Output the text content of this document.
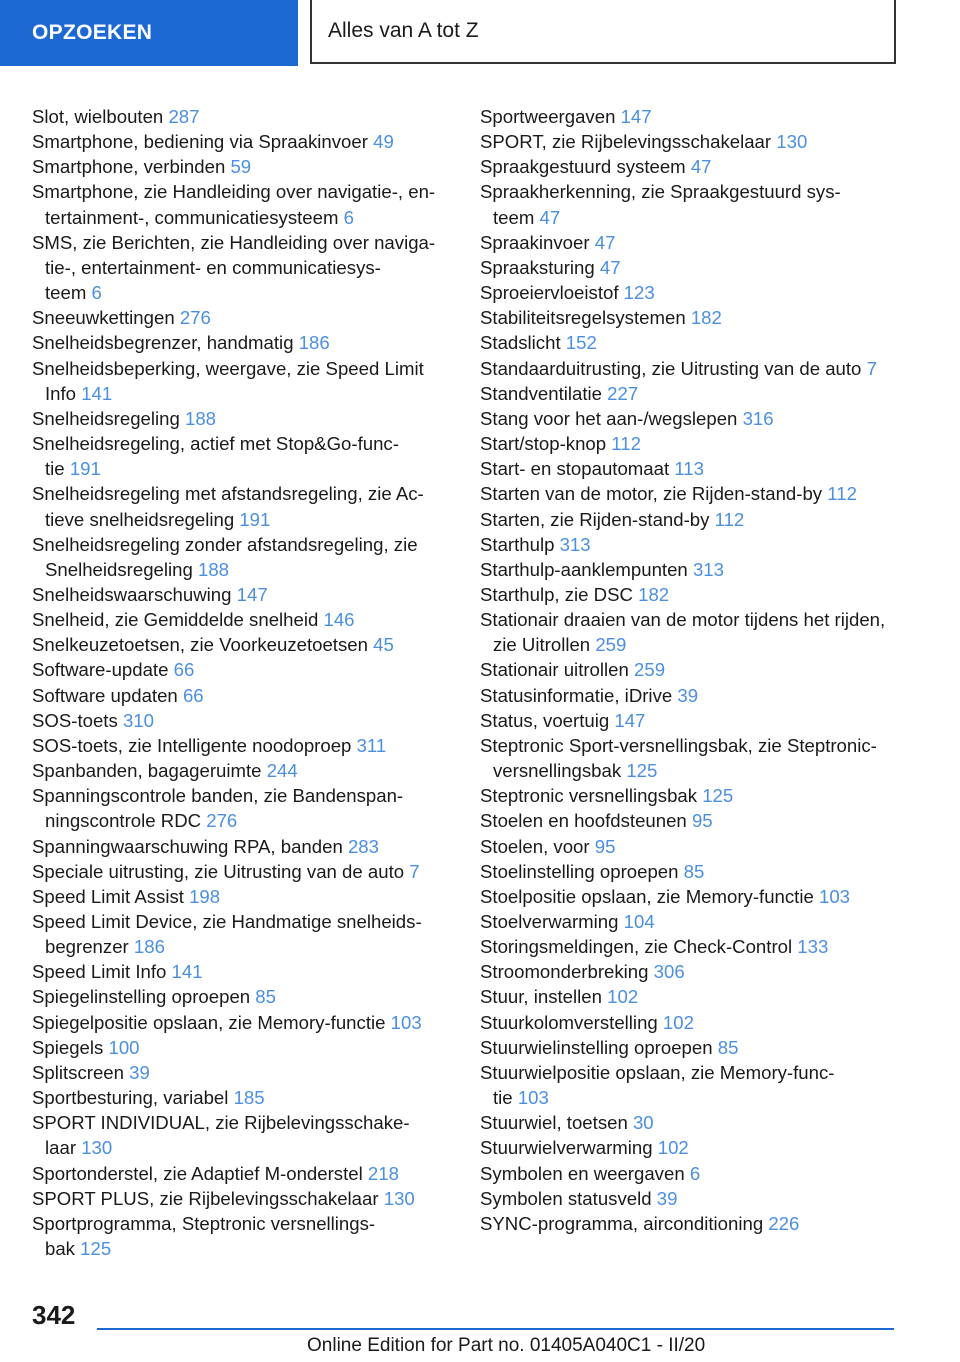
OPZOEKEN	Alles van A tot Z
Slot, wielbouten 287
Smartphone, bediening via Spraakinvoer 49
Smartphone, verbinden 59
Smartphone, zie Handleiding over navigatie-, en-
tertainment-, communicatiesysteem 6
SMS, zie Berichten, zie Handleiding over naviga-
tie-, entertainment- en communicatiesys-
teem 6
Sneeuwkettingen 276
Snelheidsbegrenzer, handmatig 186
Snelheidsbeperking, weergave, zie Speed Limit
Info 141
Snelheidsregeling 188
Snelheidsregeling, actief met Stop&Go-func-
tie 191
Snelheidsregeling met afstandsregeling, zie Ac-
tieve snelheidsregeling 191
Snelheidsregeling zonder afstandsregeling, zie
Snelheidsregeling 188
Snelheidswaarschuwing 147
Snelheid, zie Gemiddelde snelheid 146
Snelkeuzetoetsen, zie Voorkeuzetoetsen 45
Software-update 66
Software updaten 66
SOS-toets 310
SOS-toets, zie Intelligente noodoproep 311
Spanbanden, bagageruimte 244
Spanningscontrole banden, zie Bandenspan-
ningscontrole RDC 276
Spanningwaarschuwing RPA, banden 283
Speciale uitrusting, zie Uitrusting van de auto 7
Speed Limit Assist 198
Speed Limit Device, zie Handmatige snelheids-
begrenzer 186
Speed Limit Info 141
Spiegelinstelling oproepen 85
Spiegelpositie opslaan, zie Memory-functie 103
Spiegels 100
Splitscreen 39
Sportbesturing, variabel 185
SPORT INDIVIDUAL, zie Rijbelevingsschake-
laar 130
Sportonderstel, zie Adaptief M-onderstel 218
SPORT PLUS, zie Rijbelevingsschakelaar 130
Sportprogramma, Steptronic versnellings-
bak 125
Sportweergaven 147
SPORT, zie Rijbelevingsschakelaar 130
Spraakgestuurd systeem 47
Spraakherkenning, zie Spraakgestuurd sys-
teem 47
Spraakinvoer 47
Spraaksturing 47
Sproeiervloeistof 123
Stabiliteitsregelsystemen 182
Stadslicht 152
Standaarduitrusting, zie Uitrusting van de auto 7
Standventilatie 227
Stang voor het aan-/wegslepen 316
Start/stop-knop 112
Start- en stopautomaat 113
Starten van de motor, zie Rijden-stand-by 112
Starten, zie Rijden-stand-by 112
Starthulp 313
Starthulp-aanklempunten 313
Starthulp, zie DSC 182
Stationair draaien van de motor tijdens het rijden,
zie Uitrollen 259
Stationair uitrollen 259
Statusinformatie, iDrive 39
Status, voertuig 147
Steptronic Sport-versnellingsbak, zie Steptronic-
versnellingsbak 125
Steptronic versnellingsbak 125
Stoelen en hoofdsteunen 95
Stoelen, voor 95
Stoelinstelling oproepen 85
Stoelpositie opslaan, zie Memory-functie 103
Stoelverwarming 104
Storingsmeldingen, zie Check-Control 133
Stroomonderbreking 306
Stuur, instellen 102
Stuurkolomverstelling 102
Stuurwielinstelling oproepen 85
Stuurwielpositie opslaan, zie Memory-func-
tie 103
Stuurwiel, toetsen 30
Stuurwielverwarming 102
Symbolen en weergaven 6
Symbolen statusveld 39
SYNC-programma, airconditioning 226
342
Online Edition for Part no. 01405A040C1 - II/20
